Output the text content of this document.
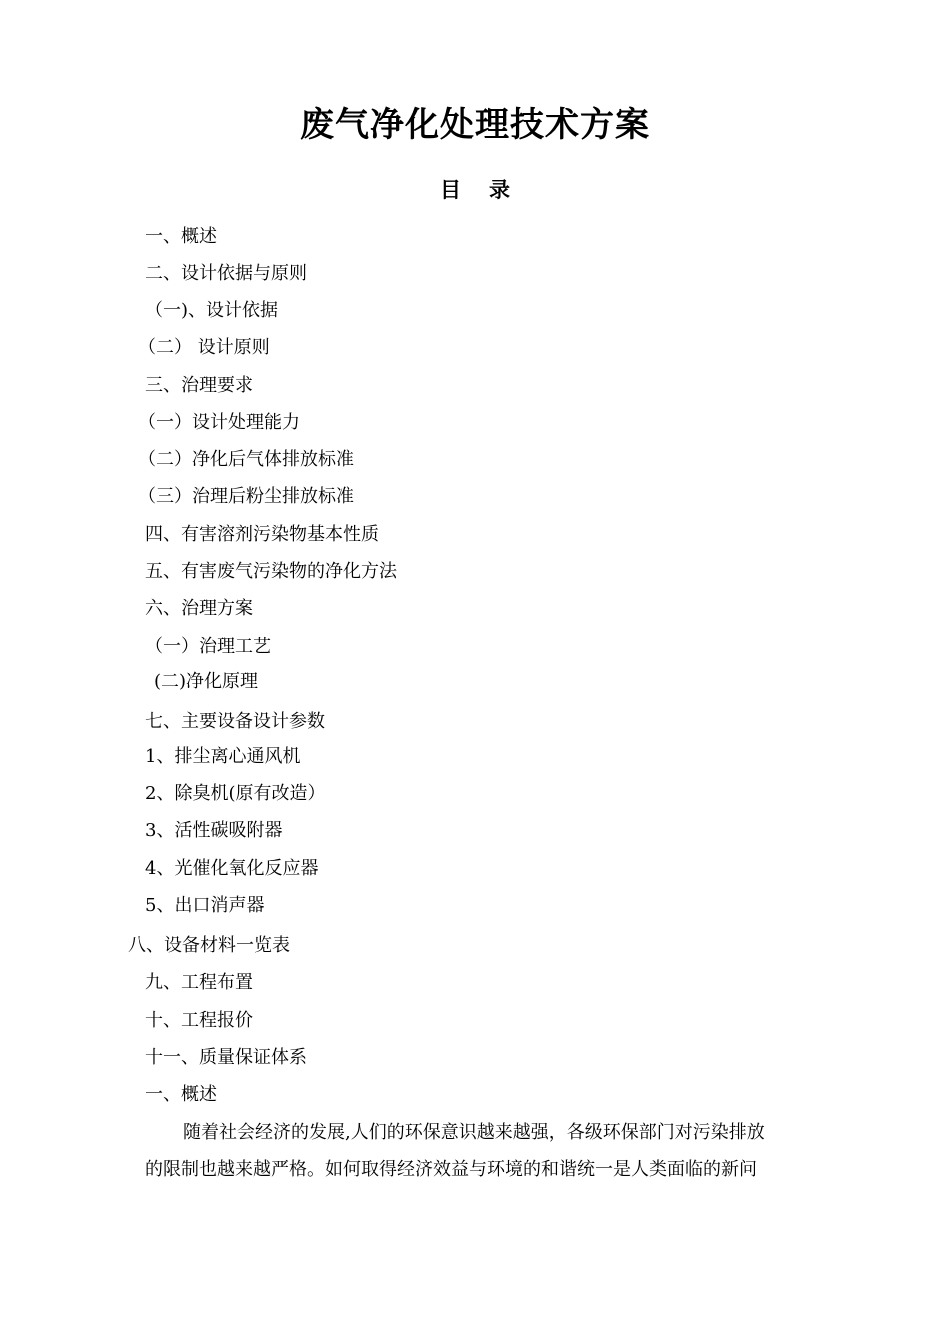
废气净化处理技术方案
目 录
一、概述
二、设计依据与原则
（一)、设计依据
（二） 设计原则
三、治理要求
（一）设计处理能力
（二）净化后气体排放标准
（三）治理后粉尘排放标准
四、有害溶剂污染物基本性质
五、有害废气污染物的净化方法
六、治理方案
（一）治理工艺
(二)净化原理
七、主要设备设计参数
1、排尘离心通风机
2、除臭机(原有改造）
3、活性碳吸附器
4、光催化氧化反应器
5、出口消声器
八、设备材料一览表
九、工程布置
十、工程报价
十一、质量保证体系
一、概述
随着社会经济的发展,人们的环保意识越来越强，各级环保部门对污染排放
的限制也越来越严格。如何取得经济效益与环境的和谐统一是人类面临的新问
